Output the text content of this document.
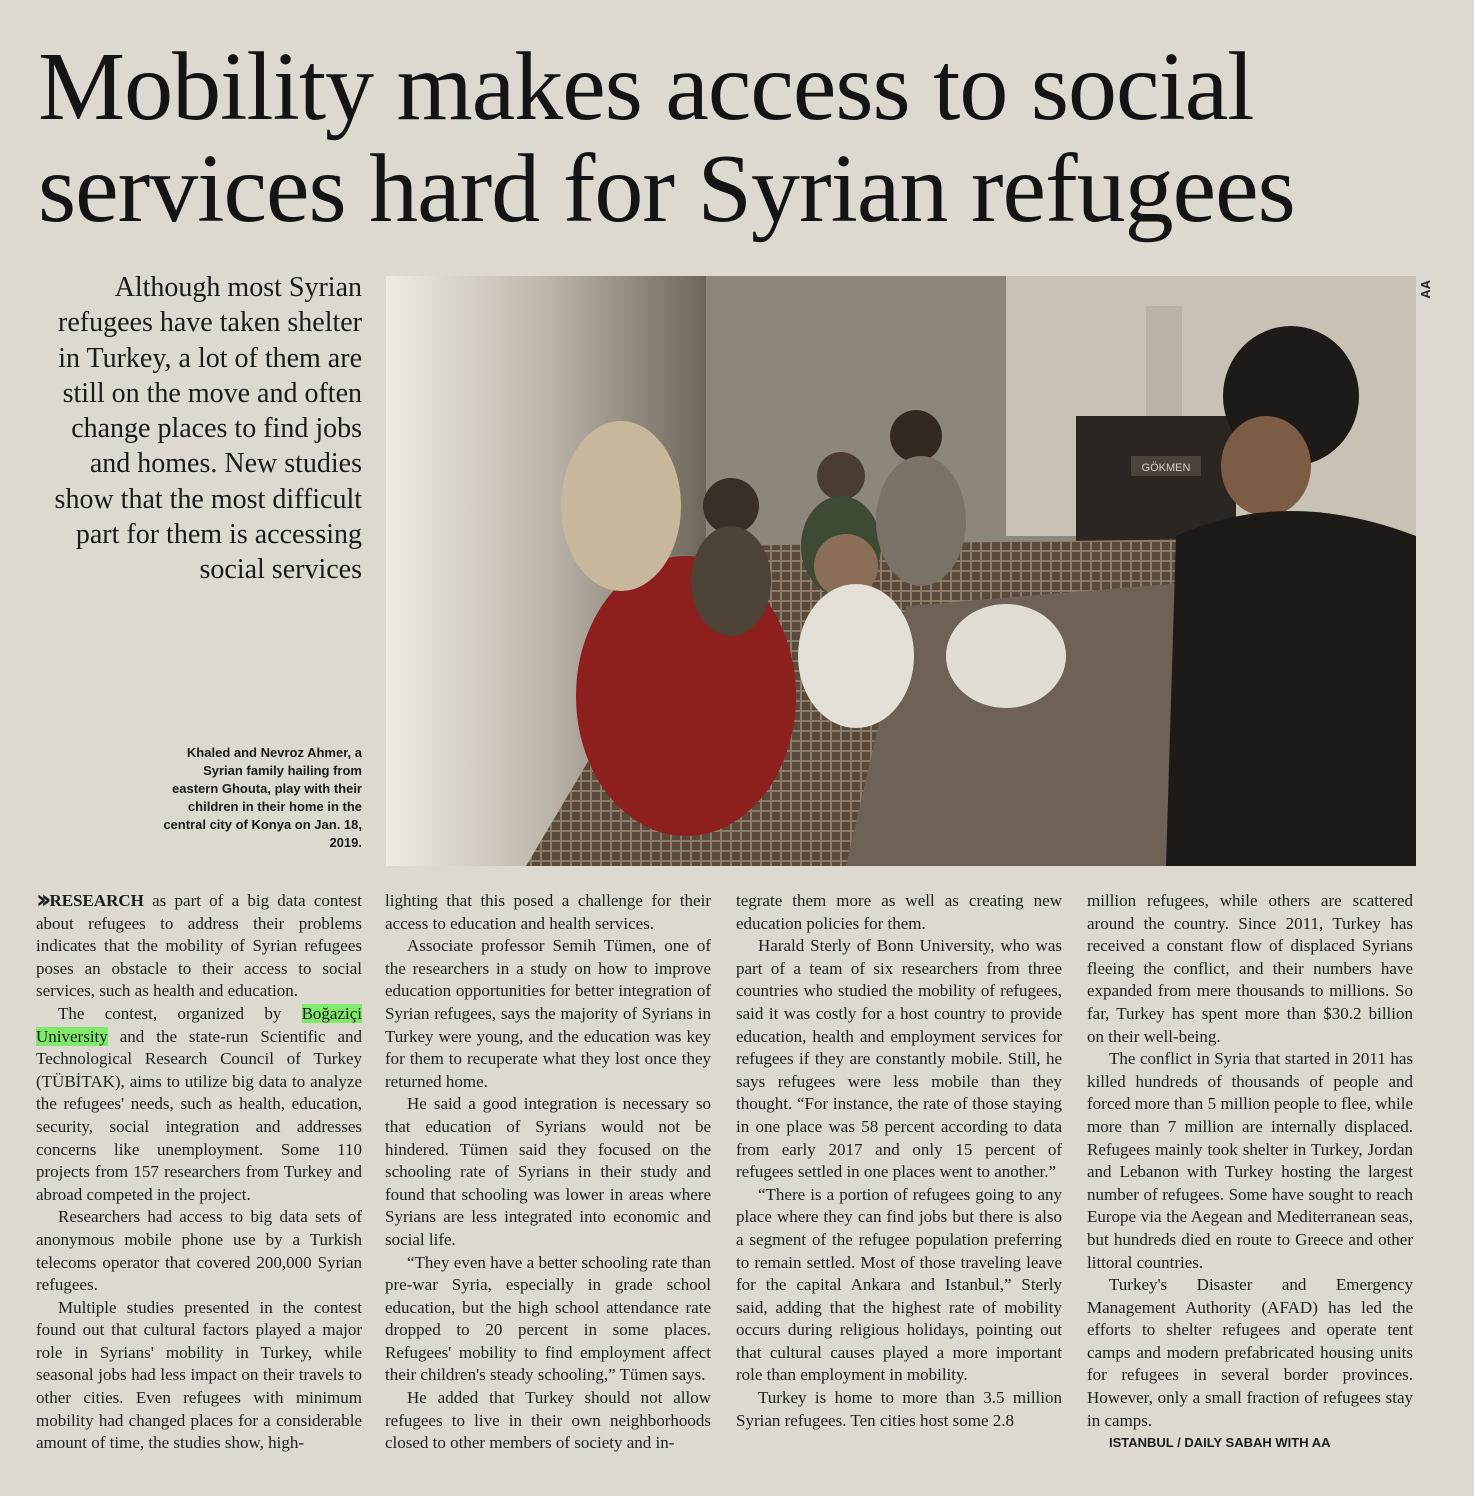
Mobility makes access to social services hard for Syrian refugees
Although most Syrian refugees have taken shelter in Turkey, a lot of them are still on the move and often change places to find jobs and homes. New studies show that the most difficult part for them is accessing social services
GÖKMEN
AA
Khaled and Nevroz Ahmer, a Syrian family hailing from eastern Ghouta, play with their children in their home in the central city of Konya on Jan. 18, 2019.

›› RESEARCH as part of a big data contest about refugees to address their problems indicates that the mobility of Syrian refugees poses an obstacle to their access to social services, such as health and education.

The contest, organized by Boğaziçi University and the state-run Scientific and Technological Research Council of Turkey (TÜBİTAK), aims to utilize big data to analyze the refugees' needs, such as health, education, security, social integration and addresses concerns like unemployment. Some 110 projects from 157 researchers from Turkey and abroad competed in the project.

Researchers had access to big data sets of anonymous mobile phone use by a Turkish telecoms operator that covered 200,000 Syrian refugees.

Multiple studies presented in the contest found out that cultural factors played a major role in Syrians' mobility in Turkey, while seasonal jobs had less impact on their travels to other cities. Even refugees with minimum mobility had changed places for a considerable amount of time, the studies show, high-

lighting that this posed a challenge for their access to education and health services.

Associate professor Semih Tümen, one of the researchers in a study on how to improve education opportunities for better integration of Syrian refugees, says the majority of Syrians in Turkey were young, and the education was key for them to recuperate what they lost once they returned home.

He said a good integration is necessary so that education of Syrians would not be hindered. Tümen said they focused on the schooling rate of Syrians in their study and found that schooling was lower in areas where Syrians are less integrated into economic and social life.

“They even have a better schooling rate than pre-war Syria, especially in grade school education, but the high school attendance rate dropped to 20 percent in some places. Refugees' mobility to find employment affect their children's steady schooling,” Tümen says.

He added that Turkey should not allow refugees to live in their own neighborhoods closed to other members of society and in-

tegrate them more as well as creating new education policies for them.

Harald Sterly of Bonn University, who was part of a team of six researchers from three countries who studied the mobility of refugees, said it was costly for a host country to provide education, health and employment services for refugees if they are constantly mobile. Still, he says refugees were less mobile than they thought. “For instance, the rate of those staying in one place was 58 percent according to data from early 2017 and only 15 percent of refugees settled in one places went to another.”

“There is a portion of refugees going to any place where they can find jobs but there is also a segment of the refugee population preferring to remain settled. Most of those traveling leave for the capital Ankara and Istanbul,” Sterly said, adding that the highest rate of mobility occurs during religious holidays, pointing out that cultural causes played a more important role than employment in mobility.

Turkey is home to more than 3.5 million Syrian refugees. Ten cities host some 2.8

million refugees, while others are scattered around the country. Since 2011, Turkey has received a constant flow of displaced Syrians fleeing the conflict, and their numbers have expanded from mere thousands to millions. So far, Turkey has spent more than $30.2 billion on their well-being.

The conflict in Syria that started in 2011 has killed hundreds of thousands of people and forced more than 5 million people to flee, while more than 7 million are internally displaced. Refugees mainly took shelter in Turkey, Jordan and Lebanon with Turkey hosting the largest number of refugees. Some have sought to reach Europe via the Aegean and Mediterranean seas, but hundreds died en route to Greece and other littoral countries.

Turkey's Disaster and Emergency Management Authority (AFAD) has led the efforts to shelter refugees and operate tent camps and modern prefabricated housing units for refugees in several border provinces. However, only a small fraction of refugees stay in camps.

ISTANBUL / DAILY SABAH WITH AA
